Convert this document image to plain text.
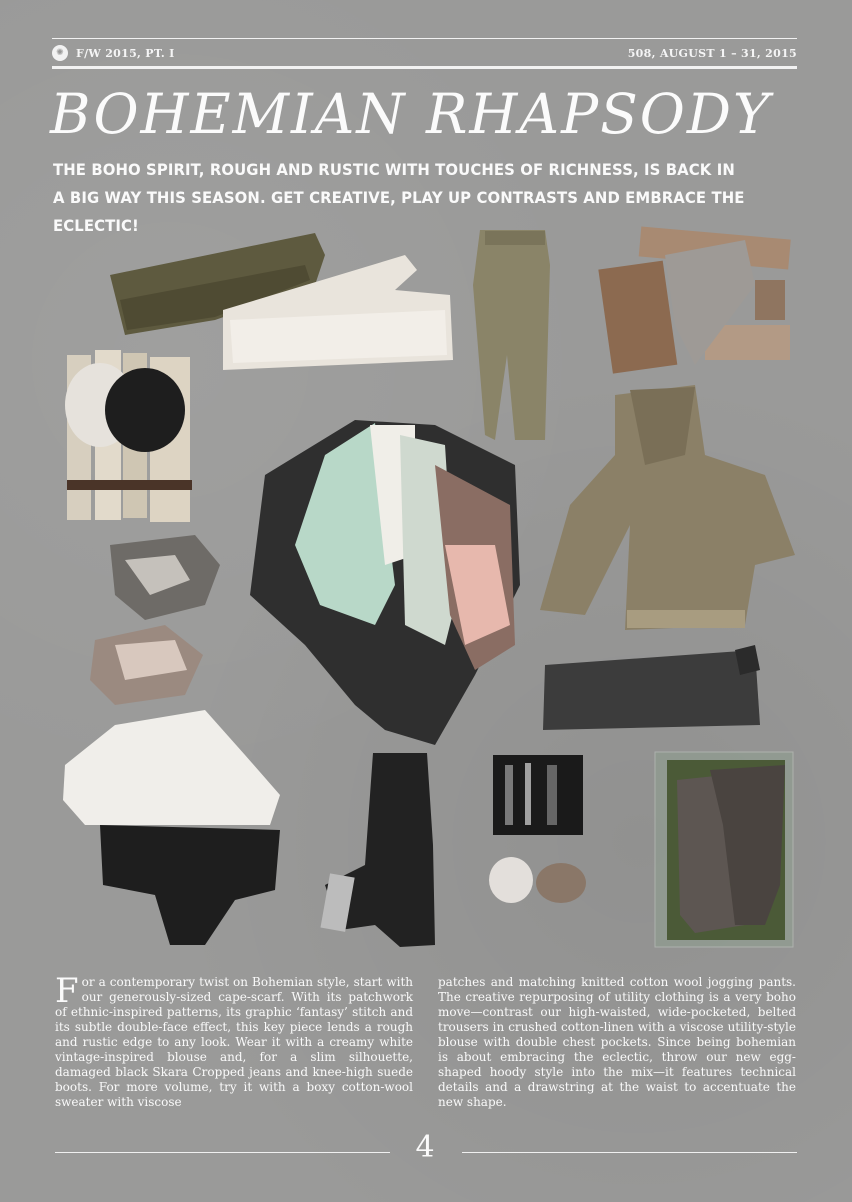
✺	F/W 2015, PT. I	508, AUGUST 1 – 31, 2015
BOHEMIAN RHAPSODY

THE BOHO SPIRIT, ROUGH AND RUSTIC WITH TOUCHES OF RICHNESS, IS BACK IN A BIG WAY THIS SEASON. GET CREATIVE, PLAY UP CONTRASTS AND EMBRACE THE ECLECTIC!

For a contemporary twist on Bohemian style, start with our generously-sized cape-scarf. With its patchwork of ethnic-inspired patterns, its graphic ‘fantasy’ stitch and its subtle double-face effect, this key piece lends a rough and rustic edge to any look. Wear it with a creamy white vintage-inspired blouse and, for a slim silhouette, damaged black Skara Cropped jeans and knee-high suede boots. For more volume, try it with a boxy cotton-wool sweater with viscose

patches and matching knitted cotton wool jogging pants. The creative repurposing of utility clothing is a very boho move—contrast our high-waisted, wide-pocketed, belted trousers in crushed cotton-linen with a viscose utility-style blouse with double chest pockets. Since being bohemian is about embracing the eclectic, throw our new egg-shaped hoody style into the mix—it features technical details and a drawstring at the waist to accentuate the new shape.

4
